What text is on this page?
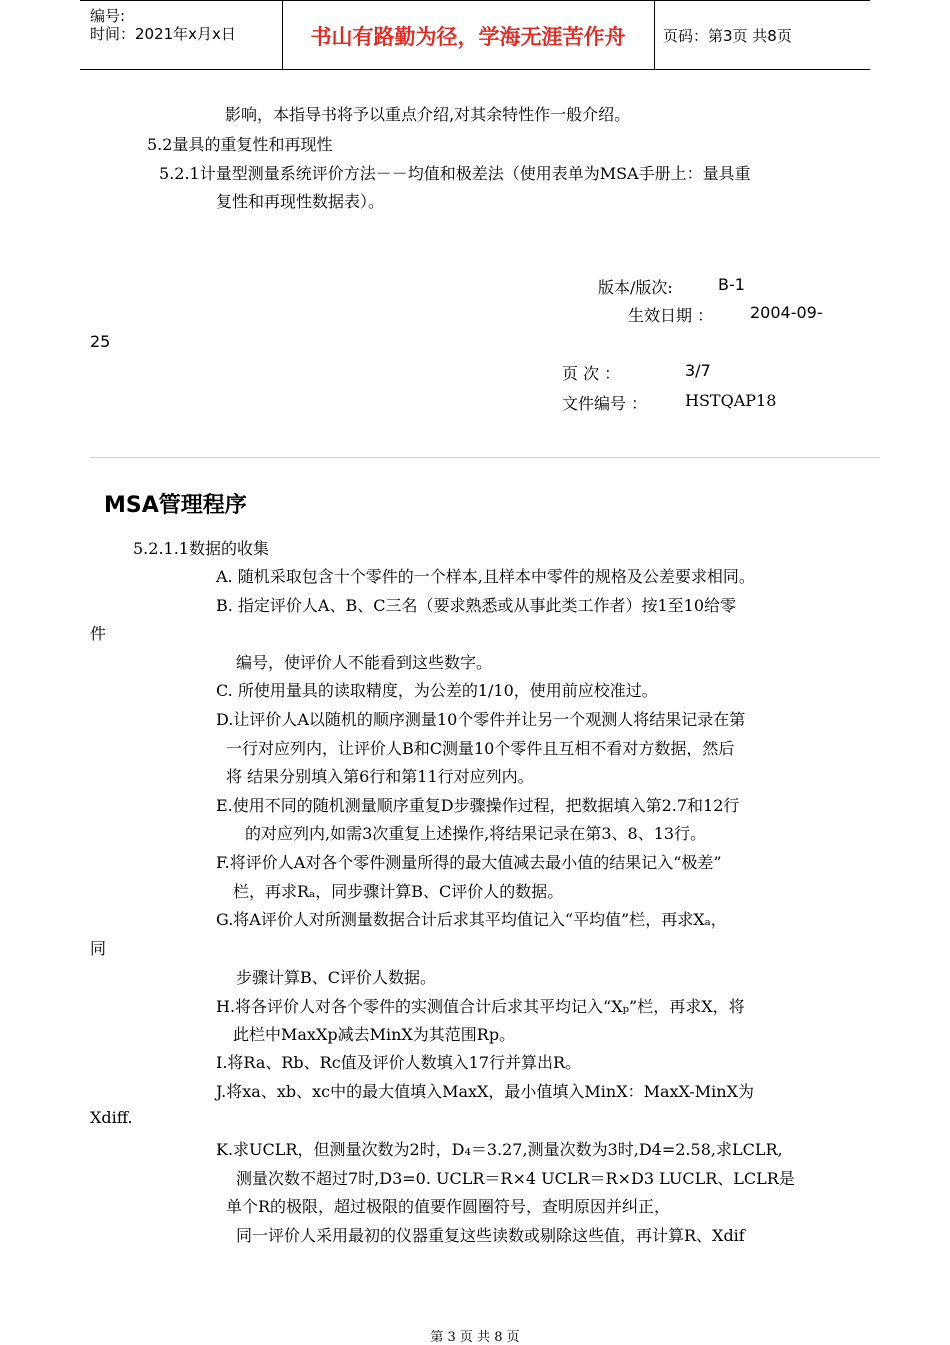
编号:
时间：2021年x月x日	书山有路勤为径，学海无涯苦作舟	页码：第3页 共8页
影响，本指导书将予以重点介绍,对其余特性作一般介绍。
5.2量具的重复性和再现性
5.2.1计量型测量系统评价方法－－均值和极差法（使用表单为MSA手册上：量具重
复性和再现性数据表）。
版本/版次:	B-1
生效日期 ： 2004-09-
25
页 次 ：	3/7
文件编号 ： HSTQAP18
MSA管理程序
5.2.1.1数据的收集
A. 随机采取包含十个零件的一个样本,且样本中零件的规格及公差要求相同。
B. 指定评价人A、B、C三名（要求熟悉或从事此类工作者）按1至10给零
件
编号，使评价人不能看到这些数字。
C. 所使用量具的读取精度，为公差的1/10，使用前应校准过。
D.让评价人A以随机的顺序测量10个零件并让另一个观测人将结果记录在第
一行对应列内，让评价人B和C测量10个零件且互相不看对方数据，然后
将 结果分别填入第6行和第11行对应列内。
E.使用不同的随机测量顺序重复D步骤操作过程，把数据填入第2.7和12行
的对应列内,如需3次重复上述操作,将结果记录在第3、8、13行。
F.将评价人A对各个零件测量所得的最大值减去最小值的结果记入“极差”
栏，再求Rₐ，同步骤计算B、C评价人的数据。
G.将A评价人对所测量数据合计后求其平均值记入“平均值”栏，再求Xₐ，
同
步骤计算B、C评价人数据。
H.将各评价人对各个零件的实测值合计后求其平均记入“Xₚ”栏，再求X，将
此栏中MaxXp减去MinX为其范围Rp。
I.将Ra、Rb、Rc值及评价人数填入17行并算出R。
J.将xa、xb、xc中的最大值填入MaxX，最小值填入MinX：MaxX-MinX为
Xdiff.
K.求UCLR，但测量次数为2时，D₄＝3.27,测量次数为3时,D4=2.58,求LCLR,
测量次数不超过7时,D3=0. UCLR＝R×4 UCLR＝R×D3 LUCLR、LCLR是
单个R的极限，超过极限的值要作圆圈符号，查明原因并纠正，
同一评价人采用最初的仪器重复这些读数或剔除这些值，再计算R、Xdif
第 3 页 共 8 页
